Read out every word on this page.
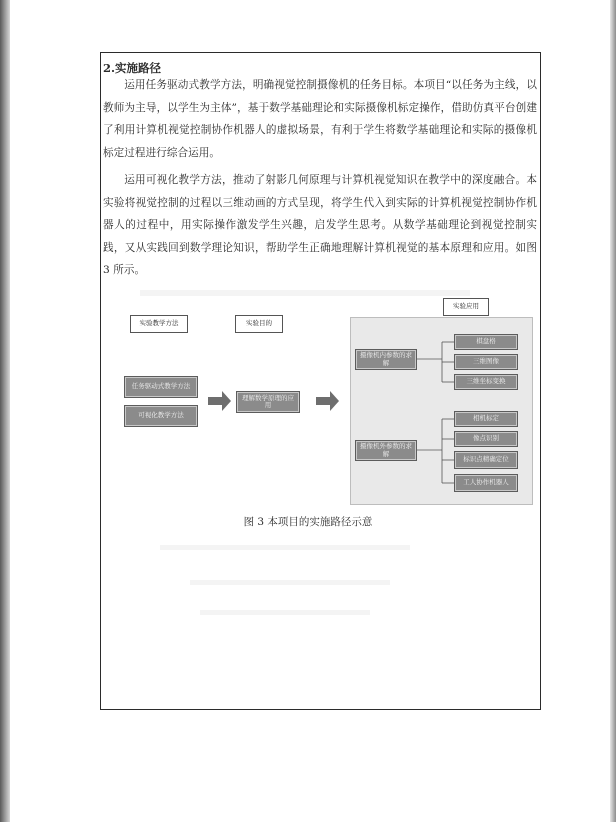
2.实施路径

运用任务驱动式教学方法，明确视觉控制摄像机的任务目标。本项目“以任务为主线，以教师为主导，以学生为主体”，基于数学基础理论和实际摄像机标定操作，借助仿真平台创建了利用计算机视觉控制协作机器人的虚拟场景，有利于学生将数学基础理论和实际的摄像机标定过程进行综合运用。

运用可视化教学方法，推动了射影几何原理与计算机视觉知识在教学中的深度融合。本实验将视觉控制的过程以三维动画的方式呈现，将学生代入到实际的计算机视觉控制协作机器人的过程中，用实际操作激发学生兴趣，启发学生思考。从数学基础理论到视觉控制实践，又从实践回到数学理论知识，帮助学生正确地理解计算机视觉的基本原理和应用。如图 3 所示。

实验教学方法	实验目的
实验应用
任务驱动式教学方法
可视化教学方法
理解数学原理的应用
摄像机内参数的求解
棋盘格
三维图像
三维坐标变换
摄像机外参数的求解
相机标定
像点识别
标识点精确定位
工人协作机器人
图 3 本项目的实施路径示意
